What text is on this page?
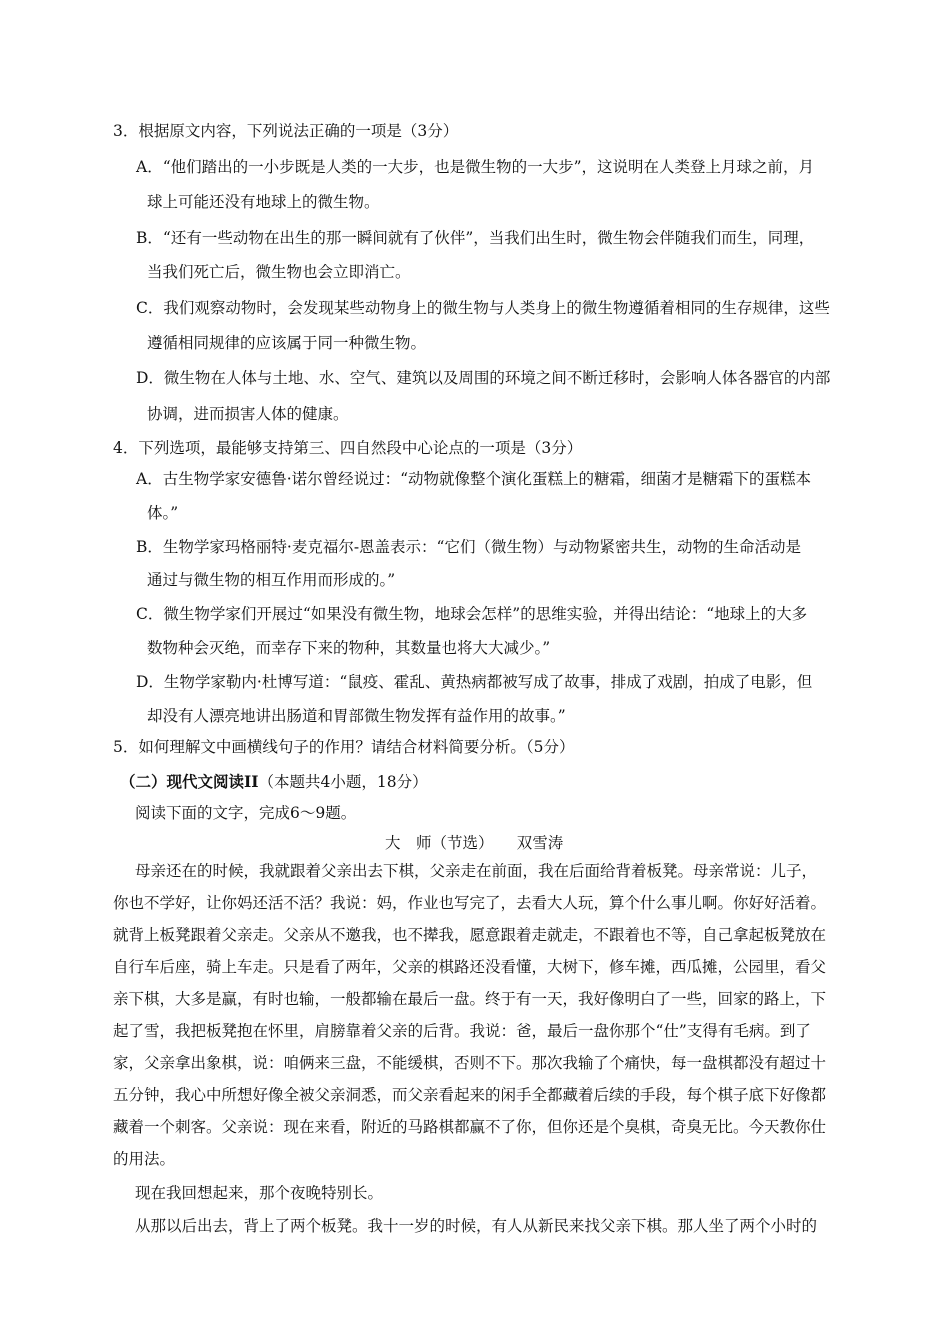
3．根据原文内容，下列说法正确的一项是（3分）
A．“他们踏出的一小步既是人类的一大步，也是微生物的一大步”，这说明在人类登上月球之前，月
球上可能还没有地球上的微生物。
B．“还有一些动物在出生的那一瞬间就有了伙伴”，当我们出生时，微生物会伴随我们而生，同理，
当我们死亡后，微生物也会立即消亡。
C．我们观察动物时，会发现某些动物身上的微生物与人类身上的微生物遵循着相同的生存规律，这些
遵循相同规律的应该属于同一种微生物。
D．微生物在人体与土地、水、空气、建筑以及周围的环境之间不断迁移时，会影响人体各器官的内部
协调，进而损害人体的健康。
4．下列选项，最能够支持第三、四自然段中心论点的一项是（3分）
A．古生物学家安德鲁·诺尔曾经说过：“动物就像整个演化蛋糕上的糖霜，细菌才是糖霜下的蛋糕本
体。”
B．生物学家玛格丽特·麦克福尔-恩盖表示：“它们（微生物）与动物紧密共生，动物的生命活动是
通过与微生物的相互作用而形成的。”
C．微生物学家们开展过“如果没有微生物，地球会怎样”的思维实验，并得出结论：“地球上的大多
数物种会灭绝，而幸存下来的物种，其数量也将大大减少。”
D．生物学家勒内·杜博写道：“鼠疫、霍乱、黄热病都被写成了故事，排成了戏剧，拍成了电影，但
却没有人漂亮地讲出肠道和胃部微生物发挥有益作用的故事。”
5．如何理解文中画横线句子的作用？请结合材料简要分析。（5分）
（二）现代文阅读II（本题共4小题，18分）
阅读下面的文字，完成6～9题。
大　师（节选）　　双雪涛
母亲还在的时候，我就跟着父亲出去下棋，父亲走在前面，我在后面给背着板凳。母亲常说：儿子，
你也不学好，让你妈还活不活？我说：妈，作业也写完了，去看大人玩，算个什么事儿啊。你好好活着。
就背上板凳跟着父亲走。父亲从不邀我，也不撵我，愿意跟着走就走，不跟着也不等，自己拿起板凳放在
自行车后座，骑上车走。只是看了两年，父亲的棋路还没看懂，大树下，修车摊，西瓜摊，公园里，看父
亲下棋，大多是赢，有时也输，一般都输在最后一盘。终于有一天，我好像明白了一些，回家的路上，下
起了雪，我把板凳抱在怀里，肩膀靠着父亲的后背。我说：爸，最后一盘你那个“仕”支得有毛病。到了
家，父亲拿出象棋，说：咱俩来三盘，不能缓棋，否则不下。那次我输了个痛快，每一盘棋都没有超过十
五分钟，我心中所想好像全被父亲洞悉，而父亲看起来的闲手全都藏着后续的手段，每个棋子底下好像都
藏着一个刺客。父亲说：现在来看，附近的马路棋都赢不了你，但你还是个臭棋，奇臭无比。今天教你仕
的用法。
现在我回想起来，那个夜晚特别长。
从那以后出去，背上了两个板凳。我十一岁的时候，有人从新民来找父亲下棋。那人坐了两个小时的
